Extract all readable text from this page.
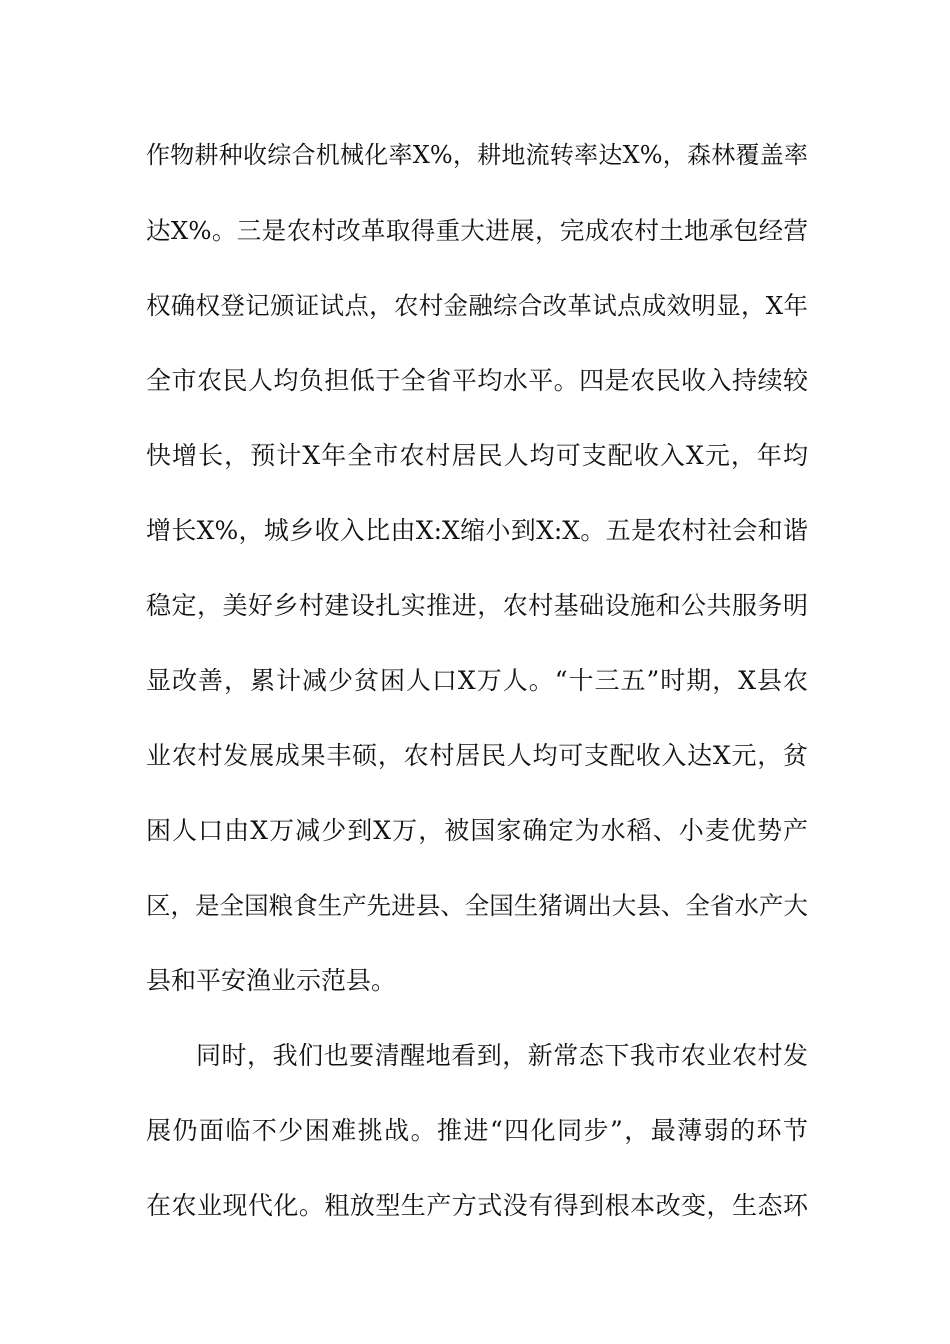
作物耕种收综合机械化率X%，耕地流转率达X%，森林覆盖率
达X%。三是农村改革取得重大进展，完成农村土地承包经营
权确权登记颁证试点，农村金融综合改革试点成效明显，X年
全市农民人均负担低于全省平均水平。四是农民收入持续较
快增长，预计X年全市农村居民人均可支配收入X元，年均
增长X%，城乡收入比由X:X缩小到X:X。五是农村社会和谐
稳定，美好乡村建设扎实推进，农村基础设施和公共服务明
显改善，累计减少贫困人口X万人。“十三五”时期，X县农
业农村发展成果丰硕，农村居民人均可支配收入达X元，贫
困人口由X万减少到X万，被国家确定为水稻、小麦优势产
区，是全国粮食生产先进县、全国生猪调出大县、全省水产大
县和平安渔业示范县。
同时，我们也要清醒地看到，新常态下我市农业农村发
展仍面临不少困难挑战。推进“四化同步”，最薄弱的环节
在农业现代化。粗放型生产方式没有得到根本改变，生态环
